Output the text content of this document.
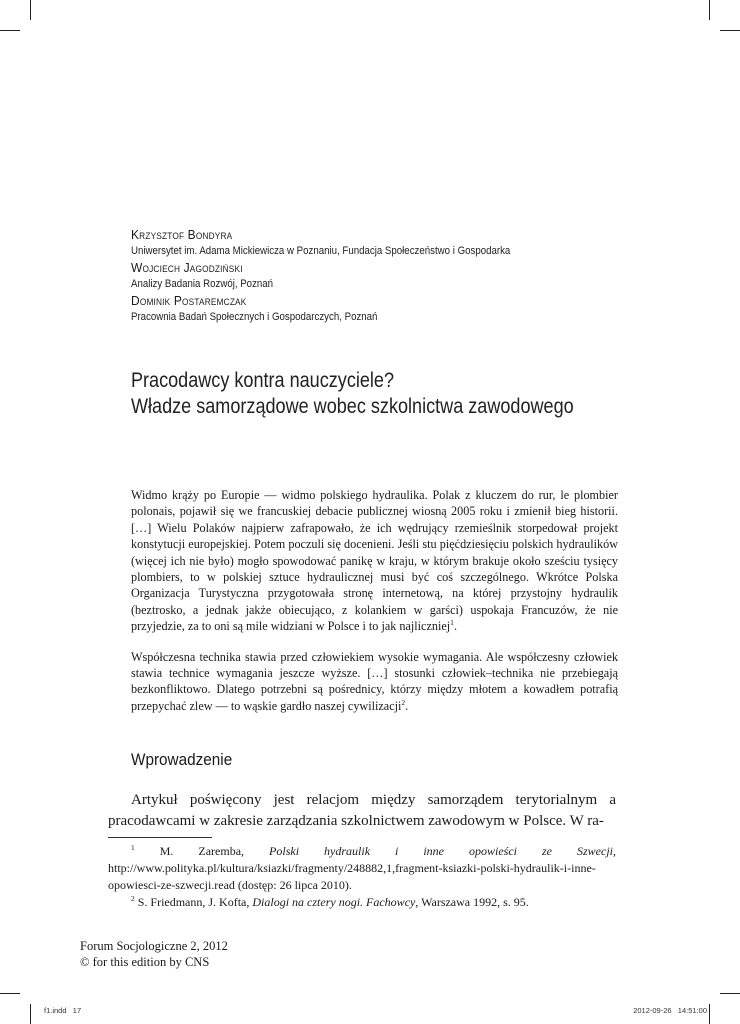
Krzysztof Bondyra
Uniwersytet im. Adama Mickiewicza w Poznaniu, Fundacja Społeczeństwo i Gospodarka
Wojciech Jagodziński
Analizy Badania Rozwój, Poznań
Dominik Postaremczak
Pracownia Badań Społecznych i Gospodarczych, Poznań
Pracodawcy kontra nauczyciele?
Władze samorządowe wobec szkolnictwa zawodowego

Widmo krąży po Europie — widmo polskiego hydraulika. Polak z kluczem do rur, le plombier polonais, pojawił się we francuskiej debacie publicznej wiosną 2005 roku i zmienił bieg historii. […] Wielu Polaków najpierw zafrapowało, że ich wędrujący rzemieślnik storpedował projekt konstytucji europejskiej. Potem poczuli się docenieni. Jeśli stu pięćdziesięciu polskich hydraulików (więcej ich nie było) mogło spowodować panikę w kraju, w którym brakuje około sześciu tysięcy plombiers, to w polskiej sztuce hydraulicznej musi być coś szczególnego. Wkrótce Polska Organizacja Turystyczna przygotowała stronę internetową, na której przystojny hydraulik (beztrosko, a jednak jakże obiecująco, z kolankiem w garści) uspokaja Francuzów, że nie przyjedzie, za to oni są mile widziani w Polsce i to jak najliczniej$^1$.

Współczesna technika stawia przed człowiekiem wysokie wymagania. Ale współczesny człowiek stawia technice wymagania jeszcze wyższe. […] stosunki człowiek–technika nie przebiegają bezkonfliktowo. Dlatego potrzebni są pośrednicy, którzy między młotem a kowadłem potrafią przepychać zlew — to wąskie gardło naszej cywilizacji$^2$.

Wprowadzenie

Artykuł poświęcony jest relacjom między samorządem terytorialnym a pracodawcami w zakresie zarządzania szkolnictwem zawodowym w Polsce. W ra-

$^1$ M. Zaremba, Polski hydraulik i inne opowieści ze Szwecji, http://www.polityka.pl/kultura/ksiazki/fragmenty/248882,1,fragment-ksiazki-polski-hydraulik-i-inne-opowiesci-ze-szwecji.read (dostęp: 26 lipca 2010).

$^2$ S. Friedmann, J. Kofta, Dialogi na cztery nogi. Fachowcy, Warszawa 1992, s. 95.

Forum Socjologiczne 2, 2012
© for this edition by CNS
f1.indd   17	2012-09-26   14:51:00
